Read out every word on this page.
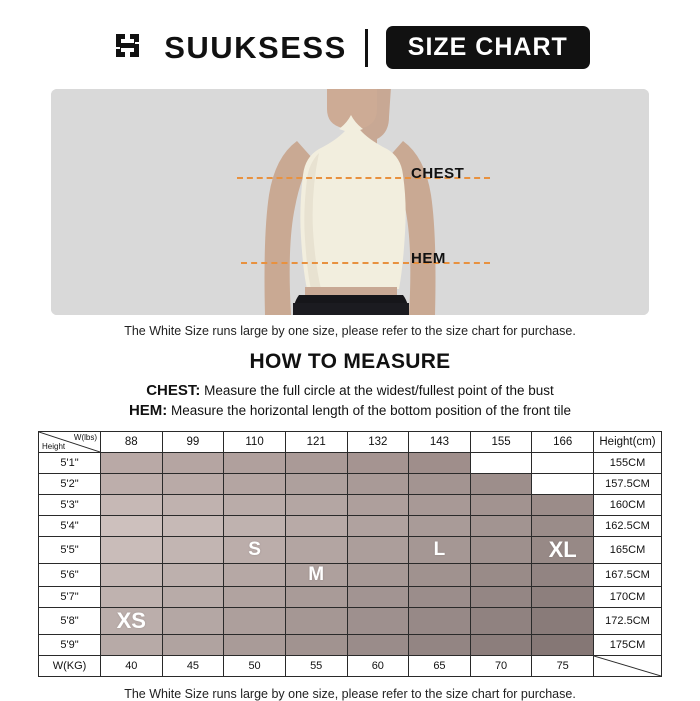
SUUKSESS	SIZE CHART
CHEST
HEM
The White Size runs large by one size, please refer to the size chart for purchase.
HOW TO MEASURE
CHEST: Measure the full circle at the widest/fullest point of the bust
HEM: Measure the horizontal length of the bottom position of the front tile
W(lbs)
Height	88	99	110	121	132	143	155	166	Height(cm)
5'1"									155CM
5'2"									157.5CM
5'3"									160CM
5'4"									162.5CM
5'5"			S			L		XL	165CM
5'6"				M					167.5CM
5'7"									170CM
5'8"	XS								172.5CM
5'9"									175CM
W(KG)	40	45	50	55	60	65	70	75	
The White Size runs large by one size, please refer to the size chart for purchase.
